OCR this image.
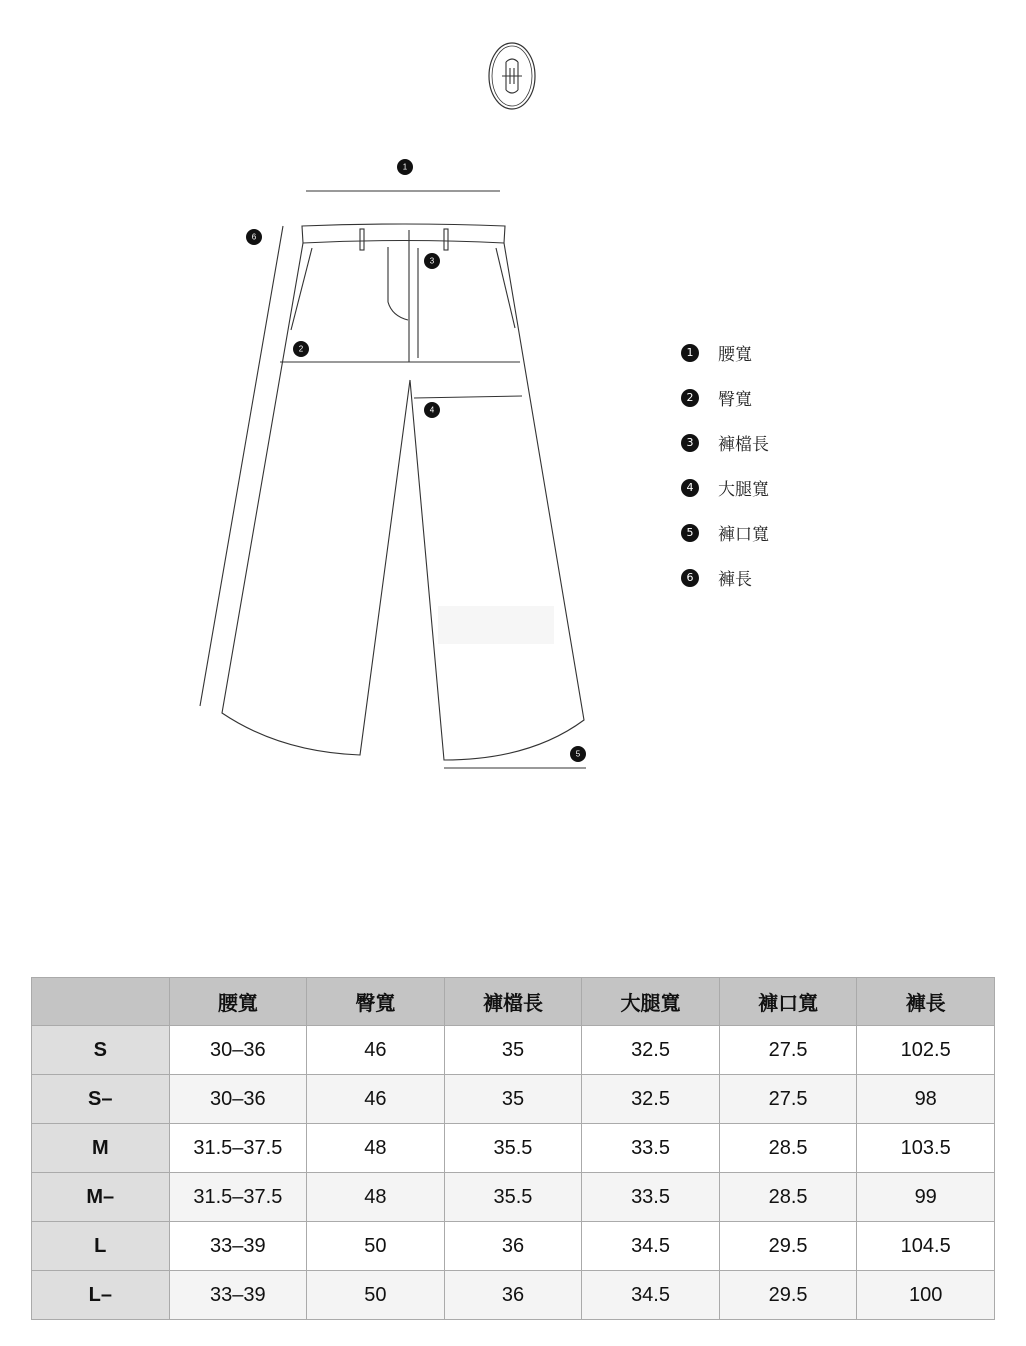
1
6
3
2
4
5
1	腰寬
2	臀寬
3	褲檔長
4	大腿寬
5	褲口寬
6	褲長
	腰寬	臀寬	褲檔長	大腿寬	褲口寬	褲長
S	30–36	46	35	32.5	27.5	102.5
S–	30–36	46	35	32.5	27.5	98
M	31.5–37.5	48	35.5	33.5	28.5	103.5
M–	31.5–37.5	48	35.5	33.5	28.5	99
L	33–39	50	36	34.5	29.5	104.5
L–	33–39	50	36	34.5	29.5	100
